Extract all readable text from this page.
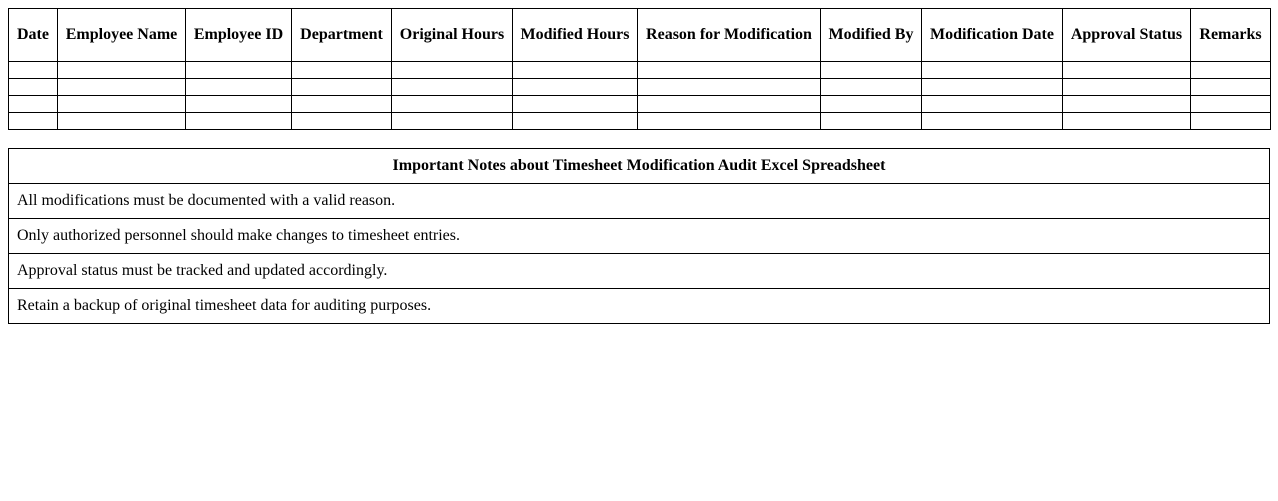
Date	Employee Name	Employee ID	Department	Original Hours	Modified Hours	Reason for Modification	Modified By	Modification Date	Approval Status	Remarks

Important Notes about Timesheet Modification Audit Excel Spreadsheet
All modifications must be documented with a valid reason.
Only authorized personnel should make changes to timesheet entries.
Approval status must be tracked and updated accordingly.
Retain a backup of original timesheet data for auditing purposes.
